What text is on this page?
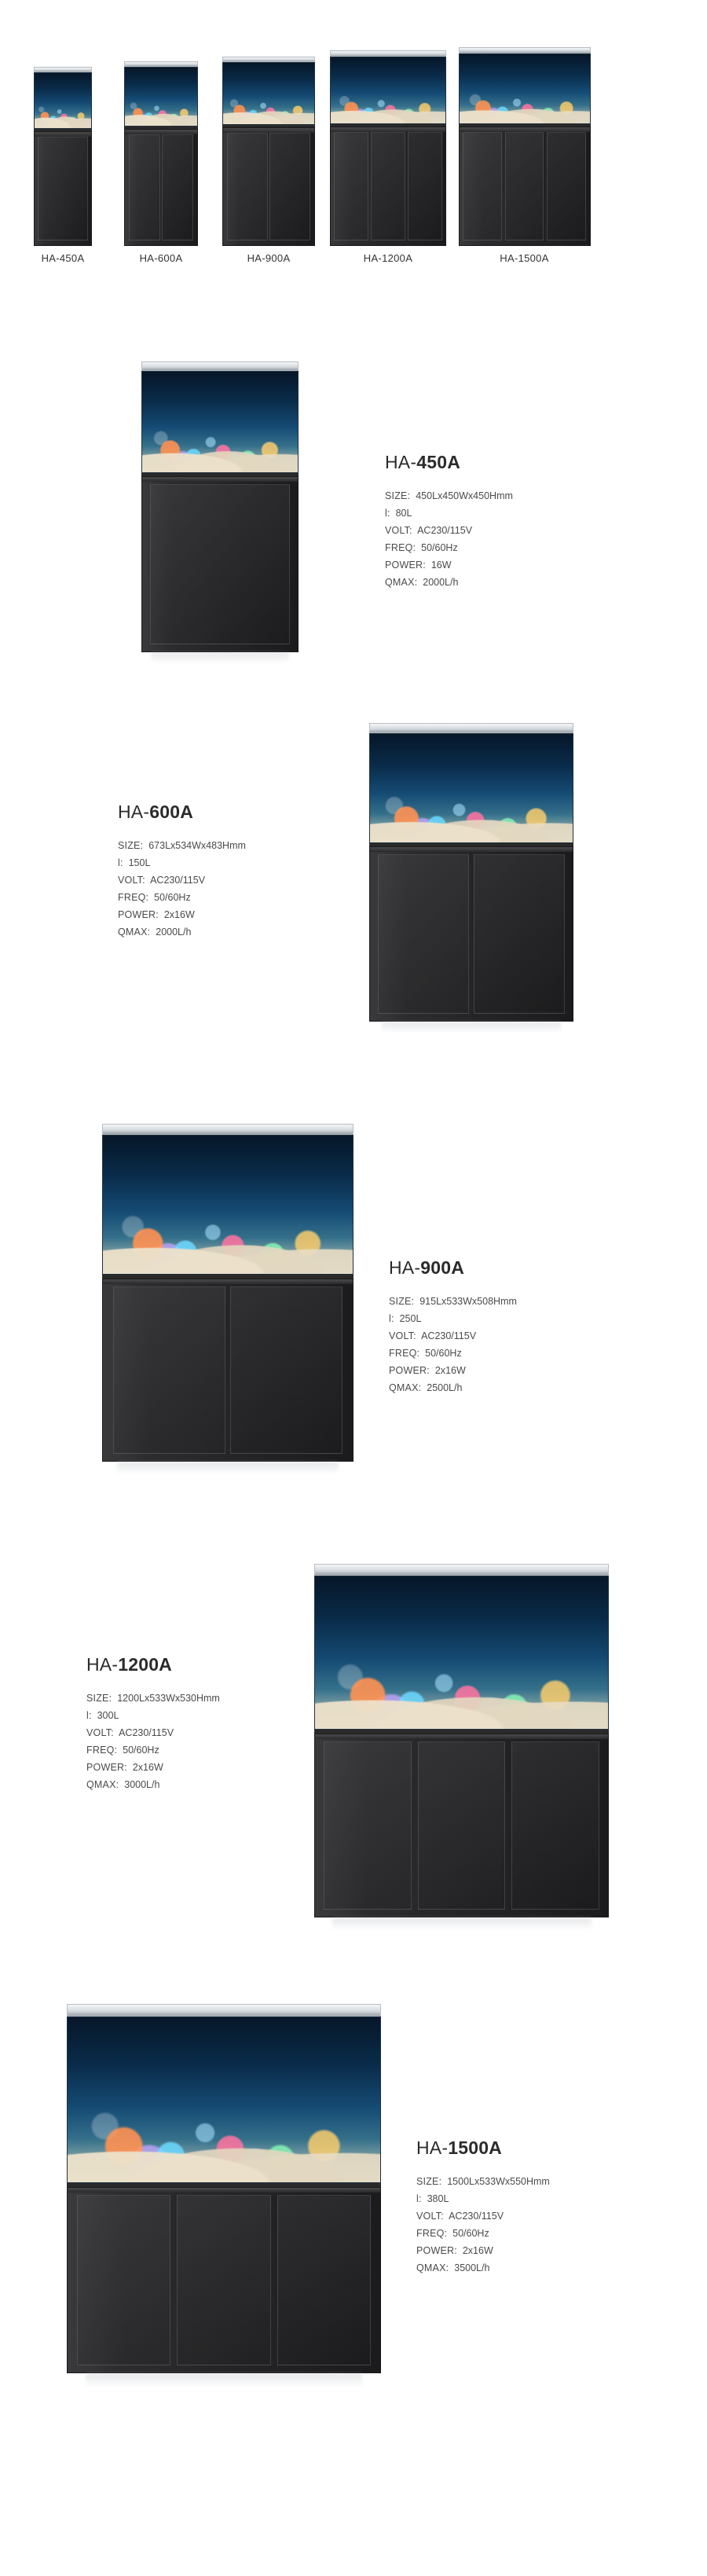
HA-450A	HA-600A	HA-900A	HA-1200A	HA-1500A
HA-450A
SIZE: 450Lx450Wx450Hmm
l: 80L
VOLT: AC230/115V
FREQ: 50/60Hz
POWER: 16W
QMAX: 2000L/h
HA-600A
SIZE: 673Lx534Wx483Hmm
l: 150L
VOLT: AC230/115V
FREQ: 50/60Hz
POWER: 2x16W
QMAX: 2000L/h
HA-900A
SIZE: 915Lx533Wx508Hmm
l: 250L
VOLT: AC230/115V
FREQ: 50/60Hz
POWER: 2x16W
QMAX: 2500L/h
HA-1200A
SIZE: 1200Lx533Wx530Hmm
l: 300L
VOLT: AC230/115V
FREQ: 50/60Hz
POWER: 2x16W
QMAX: 3000L/h
HA-1500A
SIZE: 1500Lx533Wx550Hmm
l: 380L
VOLT: AC230/115V
FREQ: 50/60Hz
POWER: 2x16W
QMAX: 3500L/h
